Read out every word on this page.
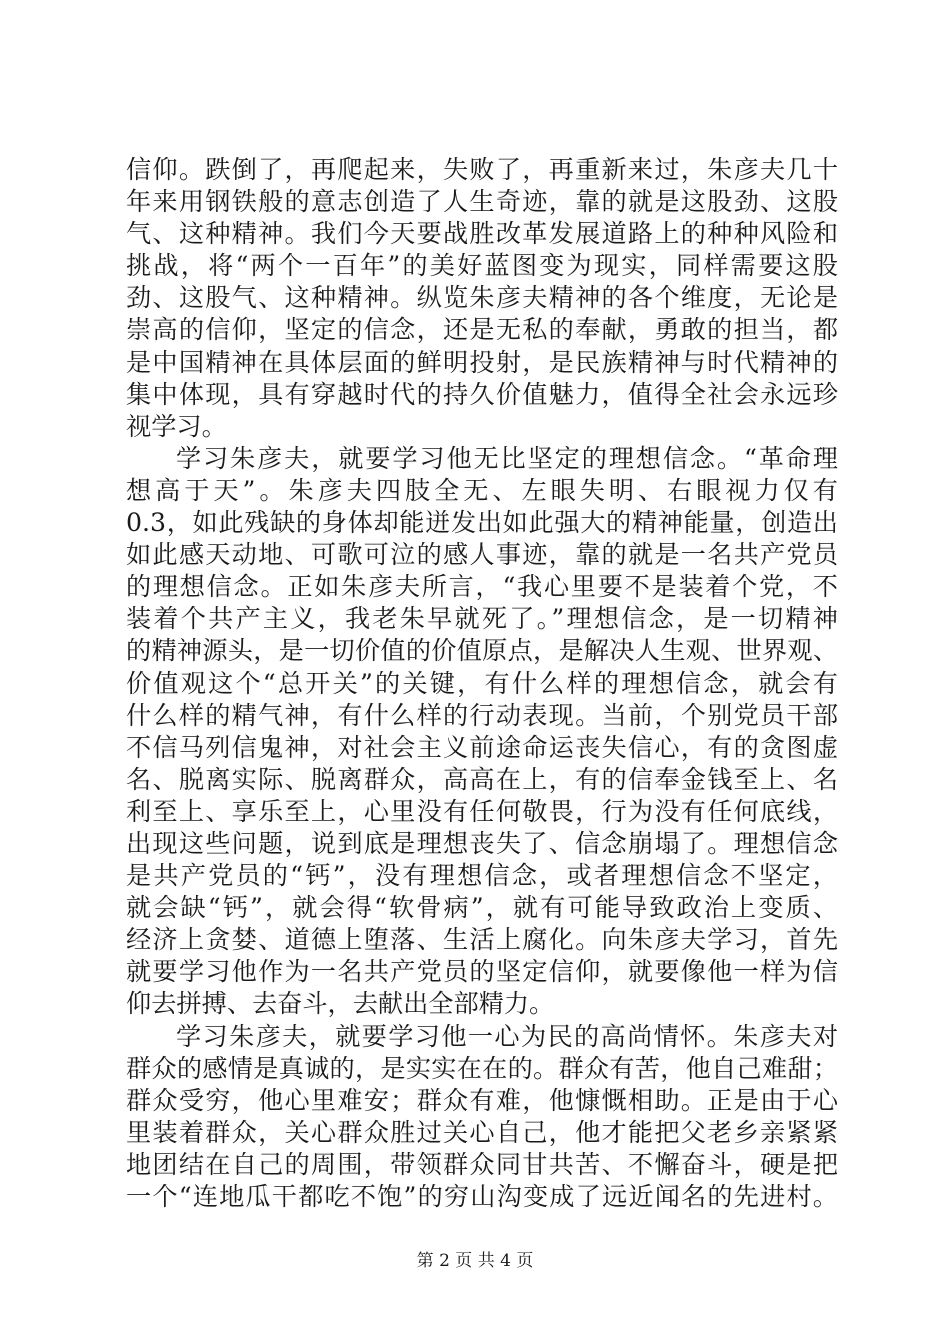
信仰。跌倒了，再爬起来，失败了，再重新来过，朱彦夫几十
年来用钢铁般的意志创造了人生奇迹，靠的就是这股劲、这股
气、这种精神。我们今天要战胜改革发展道路上的种种风险和
挑战，将“两个一百年”的美好蓝图变为现实，同样需要这股
劲、这股气、这种精神。纵览朱彦夫精神的各个维度，无论是
崇高的信仰，坚定的信念，还是无私的奉献，勇敢的担当，都
是中国精神在具体层面的鲜明投射，是民族精神与时代精神的
集中体现，具有穿越时代的持久价值魅力，值得全社会永远珍
视学习。
学习朱彦夫，就要学习他无比坚定的理想信念。“革命理
想高于天”。朱彦夫四肢全无、左眼失明、右眼视力仅有
0.3，如此残缺的身体却能迸发出如此强大的精神能量，创造出
如此感天动地、可歌可泣的感人事迹，靠的就是一名共产党员
的理想信念。正如朱彦夫所言，“我心里要不是装着个党，不
装着个共产主义，我老朱早就死了。”理想信念，是一切精神
的精神源头，是一切价值的价值原点，是解决人生观、世界观、
价值观这个“总开关”的关键，有什么样的理想信念，就会有
什么样的精气神，有什么样的行动表现。当前，个别党员干部
不信马列信鬼神，对社会主义前途命运丧失信心，有的贪图虚
名、脱离实际、脱离群众，高高在上，有的信奉金钱至上、名
利至上、享乐至上，心里没有任何敬畏，行为没有任何底线，
出现这些问题，说到底是理想丧失了、信念崩塌了。理想信念
是共产党员的“钙”，没有理想信念，或者理想信念不坚定，
就会缺“钙”，就会得“软骨病”，就有可能导致政治上变质、
经济上贪婪、道德上堕落、生活上腐化。向朱彦夫学习，首先
就要学习他作为一名共产党员的坚定信仰，就要像他一样为信
仰去拼搏、去奋斗，去献出全部精力。
学习朱彦夫，就要学习他一心为民的高尚情怀。朱彦夫对
群众的感情是真诚的，是实实在在的。群众有苦，他自己难甜；
群众受穷，他心里难安；群众有难，他慷慨相助。正是由于心
里装着群众，关心群众胜过关心自己，他才能把父老乡亲紧紧
地团结在自己的周围，带领群众同甘共苦、不懈奋斗，硬是把
一个“连地瓜干都吃不饱”的穷山沟变成了远近闻名的先进村。
第 2 页 共 4 页
